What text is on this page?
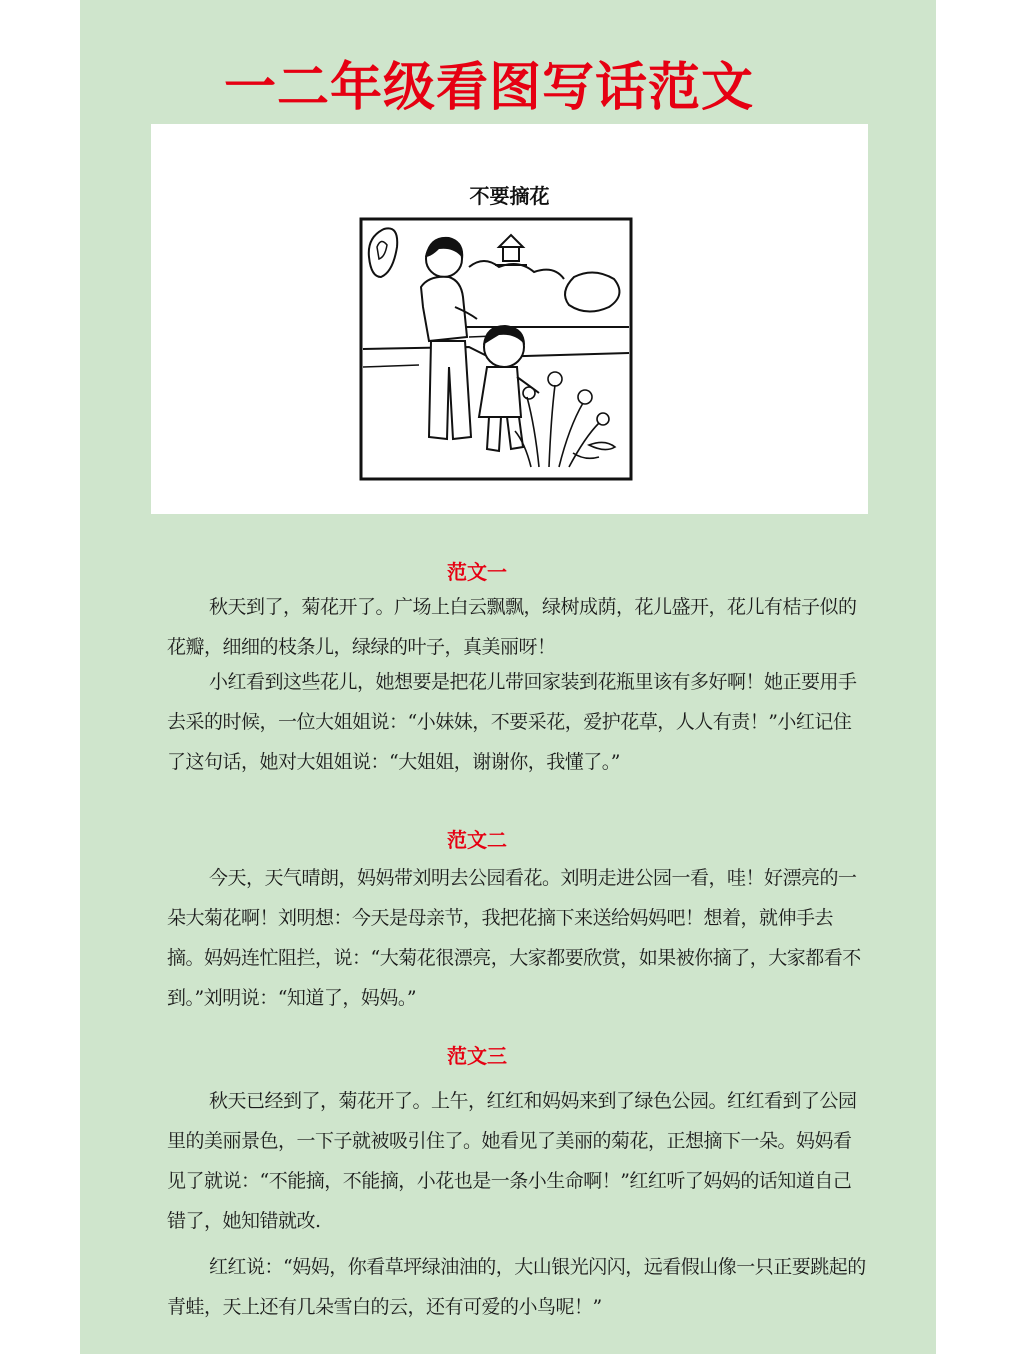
一二年级看图写话范文
不要摘花
范文一

秋天到了，菊花开了。广场上白云飘飘，绿树成荫，花儿盛开，花儿有桔子似的花瓣，细细的枝条儿，绿绿的叶子，真美丽呀！

小红看到这些花儿，她想要是把花儿带回家装到花瓶里该有多好啊！她正要用手去采的时候，一位大姐姐说：“小妹妹，不要采花，爱护花草，人人有责！”小红记住了这句话，她对大姐姐说：“大姐姐，谢谢你，我懂了。”

范文二

今天，天气晴朗，妈妈带刘明去公园看花。刘明走进公园一看，哇！好漂亮的一朵大菊花啊！刘明想：今天是母亲节，我把花摘下来送给妈妈吧！想着，就伸手去摘。妈妈连忙阻拦，说：“大菊花很漂亮，大家都要欣赏，如果被你摘了，大家都看不到。”刘明说：“知道了，妈妈。”

范文三

秋天已经到了，菊花开了。上午，红红和妈妈来到了绿色公园。红红看到了公园里的美丽景色，一下子就被吸引住了。她看见了美丽的菊花，正想摘下一朵。妈妈看见了就说：“不能摘，不能摘，小花也是一条小生命啊！”红红听了妈妈的话知道自己错了，她知错就改.

红红说：“妈妈，你看草坪绿油油的，大山银光闪闪，远看假山像一只正要跳起的青蛙，天上还有几朵雪白的云，还有可爱的小鸟呢！”
